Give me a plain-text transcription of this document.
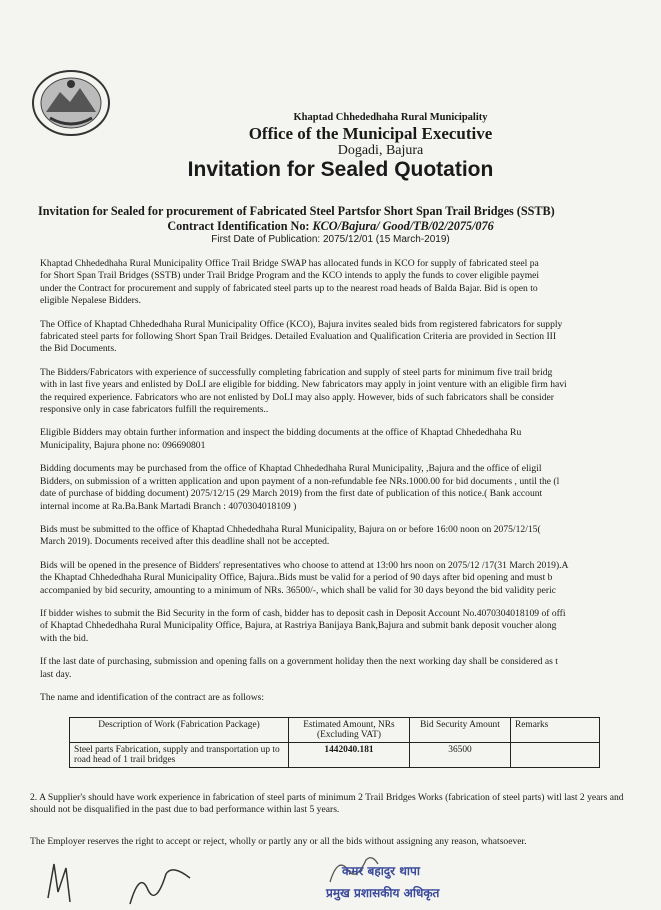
Khaptad Chhededhaha Rural Municipality
Office of the Municipal Executive
Dogadi, Bajura
Invitation for Sealed Quotation
Invitation for Sealed for procurement of Fabricated Steel Partsfor Short Span Trail Bridges (SSTB)
Contract Identification No: KCO/Bajura/ Good/TB/02/2075/076
First Date of Publication: 2075/12/01 (15 March-2019)

Khaptad Chhededhaha Rural Municipality Office Trail Bridge SWAP has allocated funds in KCO for supply of fabricated steel pa
for Short Span Trail Bridges (SSTB) under Trail Bridge Program and the KCO intends to apply the funds to cover eligible paymei
under the Contract for procurement and supply of fabricated steel parts up to the nearest road heads of Balda Bajar. Bid is open to
eligible Nepalese Bidders.

The Office of Khaptad Chhededhaha Rural Municipality Office (KCO), Bajura invites sealed bids from registered fabricators for supply
fabricated steel parts for following Short Span Trail Bridges. Detailed Evaluation and Qualification Criteria are provided in Section III
the Bid Documents.

The Bidders/Fabricators with experience of successfully completing fabrication and supply of steel parts for minimum five trail bridg
with in last five years and enlisted by DoLI are eligible for bidding. New fabricators may apply in joint venture with an eligible firm havi
the required experience. Fabricators who are not enlisted by DoLI may also apply. However, bids of such fabricators shall be consider
responsive only in case fabricators fulfill the requirements..

Eligible Bidders may obtain further information and inspect the bidding documents at the office of Khaptad Chhededhaha Ru
Municipality, Bajura phone no: 096690801

Bidding documents may be purchased from the office of Khaptad Chhededhaha Rural Municipality, ,Bajura and the office of eligil
Bidders, on submission of a written application and upon payment of a non-refundable fee NRs.1000.00 for bid documents , until the (l
date of purchase of bidding document) 2075/12/15 (29 March 2019) from the first date of publication of this notice.( Bank account
internal income at Ra.Ba.Bank Martadi Branch : 4070304018109 )

Bids must be submitted to the office of Khaptad Chhededhaha Rural Municipality, Bajura on or before 16:00 noon on 2075/12/15(
March 2019). Documents received after this deadline shall not be accepted.

Bids will be opened in the presence of Bidders' representatives who choose to attend at 13:00 hrs noon on 2075/12 /17(31 March 2019).A
the Khaptad Chhededhaha Rural Municipality Office, Bajura..Bids must be valid for a period of 90 days after bid opening and must b
accompanied by bid security, amounting to a minimum of NRs. 36500/-, which shall be valid for 30 days beyond the bid validity peric

If bidder wishes to submit the Bid Security in the form of cash, bidder has to deposit cash in Deposit Account No.4070304018109 of offi
of Khaptad Chhededhaha Rural Municipality Office, Bajura, at Rastriya Banijaya Bank,Bajura and submit bank deposit voucher along
with the bid.

If the last date of purchasing, submission and opening falls on a government holiday then the next working day shall be considered as t
last day.

The name and identification of the contract are as follows:

Description of Work (Fabrication Package)	Estimated Amount, NRs (Excluding VAT)	Bid Security Amount	Remarks
Steel parts Fabrication, supply and transportation up to road head of 1 trail bridges	1442040.181	36500	
2. A Supplier's should have work experience in fabrication of steel parts of minimum 2 Trail Bridges Works (fabrication of steel parts) witl last 2 years and should not be disqualified in the past due to bad performance within last 5 years.
The Employer reserves the right to accept or reject, wholly or partly any or all the bids without assigning any reason, whatsoever.
कमर बहादुर थापा
प्रमुख प्रशासकीय अधिकृत
